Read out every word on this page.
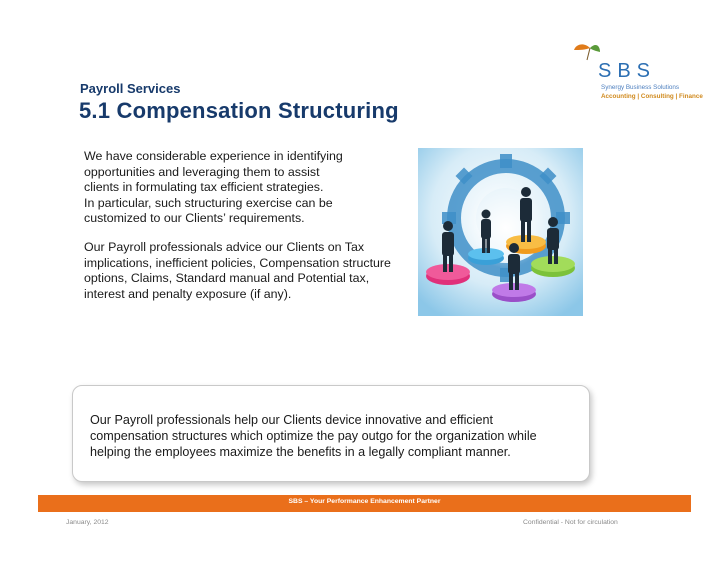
SBS
Synergy Business Solutions
Accounting | Consulting | Finance
Payroll Services
5.1 Compensation Structuring
We have considerable experience in identifying
opportunities and leveraging them to assist
clients in formulating tax efficient strategies.
In particular, such structuring exercise can be
customized to our Clients’ requirements.
Our Payroll professionals advice our Clients on Tax
implications, inefficient policies, Compensation structure
options, Claims, Standard manual and Potential tax,
interest and penalty exposure (if any).
Our Payroll professionals help our Clients device innovative and efficient
compensation structures which optimize the pay outgo for the organization while
helping the employees maximize the benefits in a legally compliant manner.
SBS – Your Performance Enhancement Partner
January, 2012	Confidential - Not for circulation
